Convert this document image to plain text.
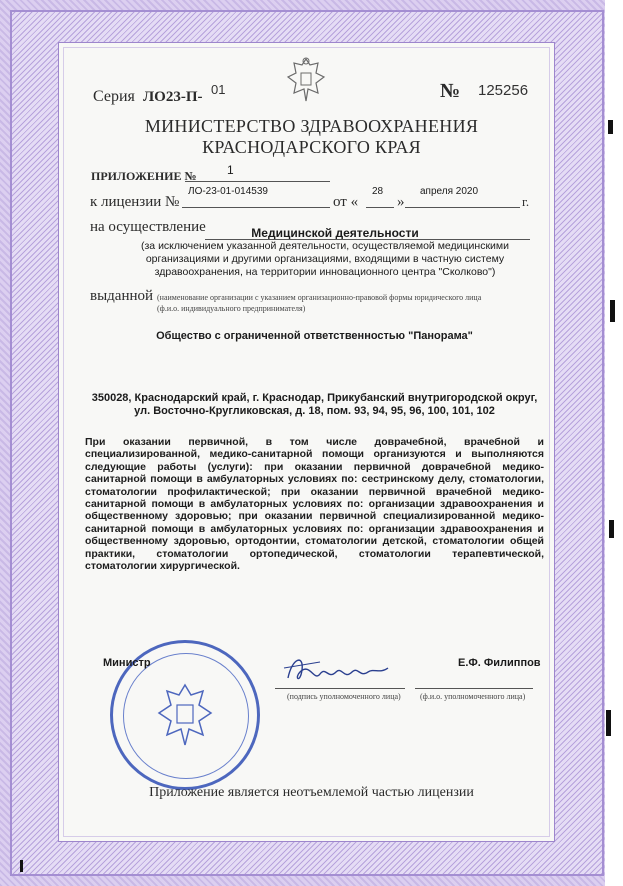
Серия ЛО23-П- 01	№ 125256
МИНИСТЕРСТВО ЗДРАВООХРАНЕНИЯ
КРАСНОДАРСКОГО КРАЯ
ПРИЛОЖЕНИЕ №	1
к лицензии №
ЛО-23-01-014539
от «
28
»
апреля 2020
г.
на осуществление	Медицинской деятельности
(за исключением указанной деятельности, осуществляемой медицинскими
организациями и другими организациями, входящими в частную систему
здравоохранения, на территории инновационного центра "Сколково")
выданной (наименование организации с указанием организационно-правовой формы юридического лица
(ф.и.о. индивидуального предпринимателя)
Общество с ограниченной ответственностью "Панорама"
350028, Краснодарский край, г. Краснодар, Прикубанский внутригородской округ,
ул. Восточно-Кругликовская, д. 18, пом. 93, 94, 95, 96, 100, 101, 102
При оказании первичной, в том числе доврачебной, врачебной и специализированной, медико-санитарной помощи организуются и выполняются следующие работы (услуги): при оказании первичной доврачебной медико-санитарной помощи в амбулаторных условиях по: сестринскому делу, стоматологии, стоматологии профилактической; при оказании первичной врачебной медико-санитарной помощи в амбулаторных условиях по: организации здравоохранения и общественному здоровью; при оказании первичной специализированной медико-санитарной помощи в амбулаторных условиях по: организации здравоохранения и общественному здоровью, ортодонтии, стоматологии детской, стоматологии общей практики, стоматологии ортопедической, стоматологии терапевтической, стоматологии хирургической.
Министр	Е.Ф. Филиппов
(подпись уполномоченного лица) (ф.и.о. уполномоченного лица)
Приложение является неотъемлемой частью лицензии
